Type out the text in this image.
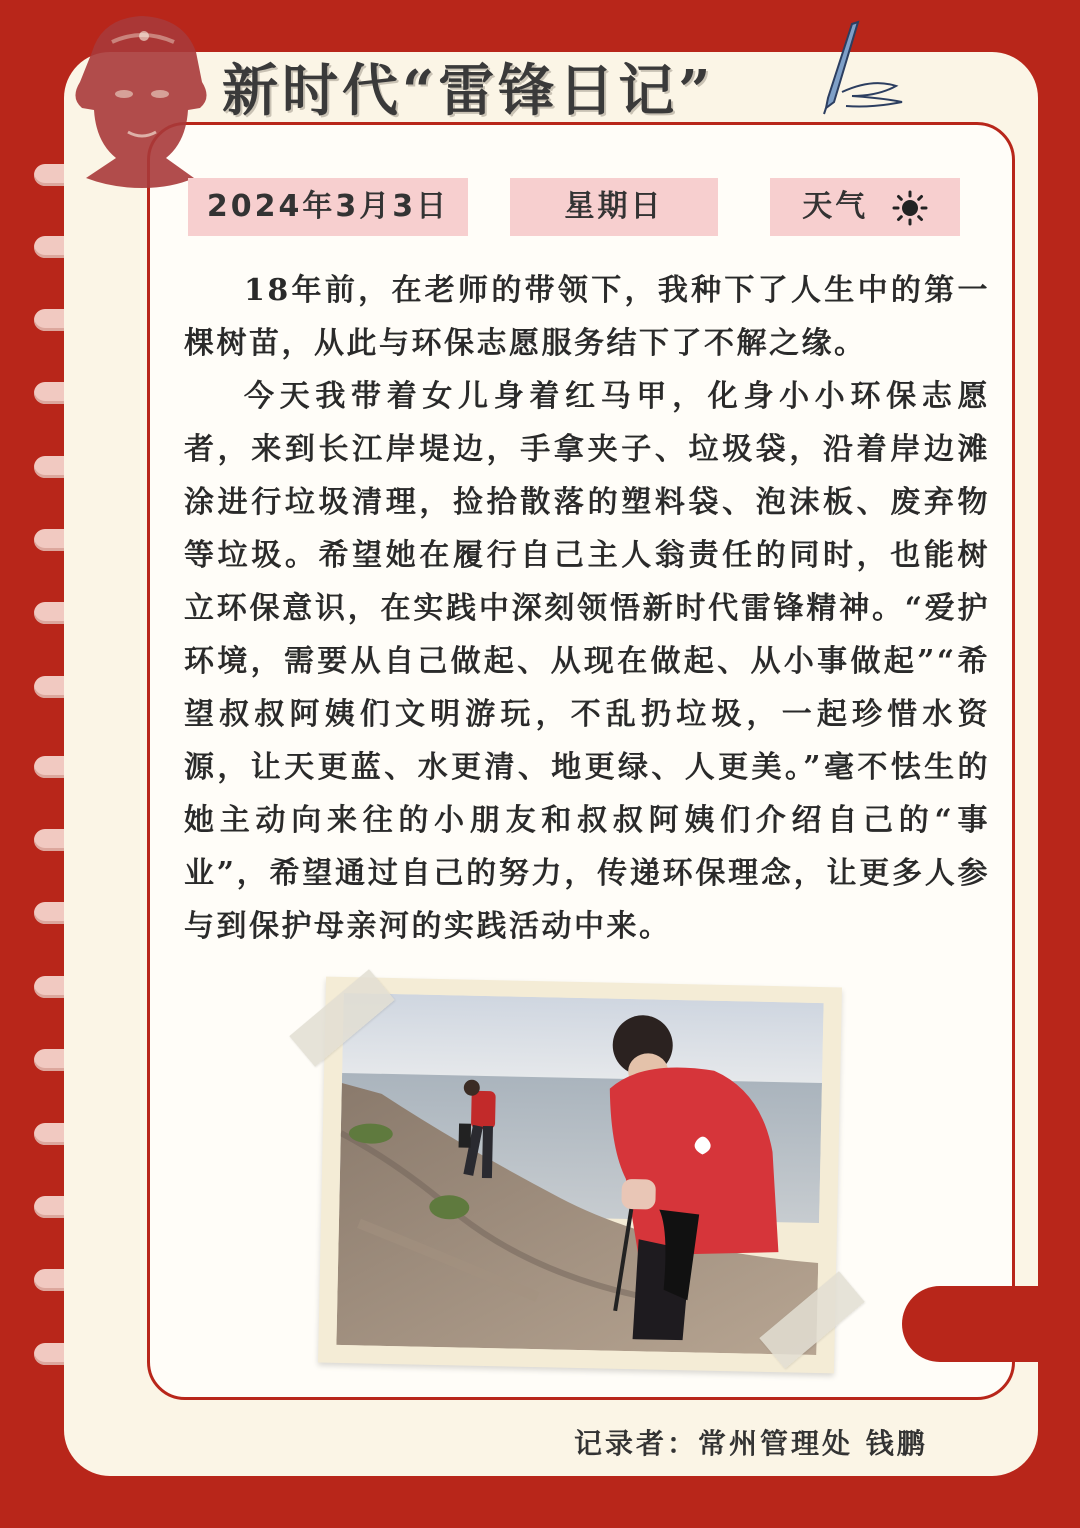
新时代“雷锋日记”
2024年3月3日	星期日	天气

18年前，在老师的带领下，我种下了人生中的第一棵树苗，从此与环保志愿服务结下了不解之缘。

今天我带着女儿身着红马甲，化身小小环保志愿者，来到长江岸堤边，手拿夹子、垃圾袋，沿着岸边滩涂进行垃圾清理，捡拾散落的塑料袋、泡沫板、废弃物等垃圾。希望她在履行自己主人翁责任的同时，也能树立环保意识，在实践中深刻领悟新时代雷锋精神。“爱护环境，需要从自己做起、从现在做起、从小事做起”“希望叔叔阿姨们文明游玩，不乱扔垃圾，一起珍惜水资源，让天更蓝、水更清、地更绿、人更美。”毫不怯生的她主动向来往的小朋友和叔叔阿姨们介绍自己的“事业”，希望通过自己的努力，传递环保理念，让更多人参与到保护母亲河的实践活动中来。

记录者：常州管理处 钱鹏
